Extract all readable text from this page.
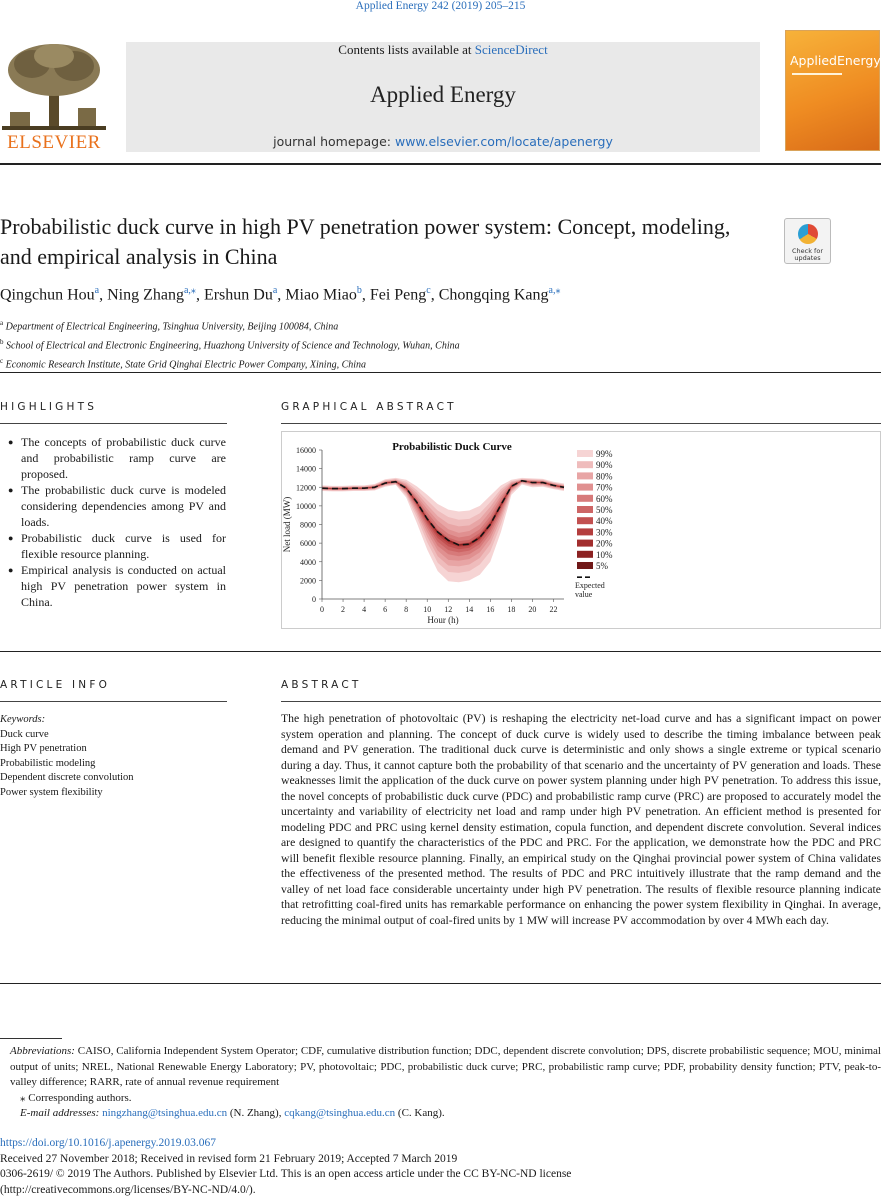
Applied Energy 242 (2019) 205–215
ELSEVIER
Contents lists available at ScienceDirect
Applied Energy
journal homepage: www.elsevier.com/locate/apenergy
AppliedEnergy
Probabilistic duck curve in high PV penetration power system: Concept, modeling, and empirical analysis in China	Check for
updates
Qingchun Hou$^a$, Ning Zhang$^{a,⁎}$, Ershun Du$^a$, Miao Miao$^b$, Fei Peng$^c$, Chongqing Kang$^{a,⁎}$
$^a$ Department of Electrical Engineering, Tsinghua University, Beijing 100084, China
$^b$ School of Electrical and Electronic Engineering, Huazhong University of Science and Technology, Wuhan, China
$^c$ Economic Research Institute, State Grid Qinghai Electric Power Company, Xining, China
HIGHLIGHTS
● The concepts of probabilistic duck curve and probabilistic ramp curve are proposed.
● The probabilistic duck curve is modeled considering dependencies among PV and loads.
● Probabilistic duck curve is used for flexible resource planning.
● Empirical analysis is conducted on actual high PV penetration power system in China.
GRAPHICAL ABSTRACT
0 2 4 6 8 10 12 14 16 18 20 22
0
2000
4000
6000
8000
10000
12000
14000
16000	Probabilistic Duck Curve
Hour (h)
Net load (MW)
99%
90%
80%
70%
60%
50%
40%
30%
20%
10%
5%
Expected
value
ARTICLE INFO
Keywords:
Duck curve
High PV penetration
Probabilistic modeling
Dependent discrete convolution
Power system flexibility
ABSTRACT
The high penetration of photovoltaic (PV) is reshaping the electricity net-load curve and has a significant impact on power system operation and planning. The concept of duck curve is widely used to describe the timing imbalance between peak demand and PV generation. The traditional duck curve is deterministic and only shows a single extreme or typical scenario during a day. Thus, it cannot capture both the probability of that scenario and the uncertainty of PV generation and loads. These weaknesses limit the application of the duck curve on power system planning under high PV penetration. To address this issue, the novel concepts of probabilistic duck curve (PDC) and probabilistic ramp curve (PRC) are proposed to accurately model the uncertainty and variability of electricity net load and ramp under high PV penetration. An efficient method is presented for modeling PDC and PRC using kernel density estimation, copula function, and dependent discrete convolution. Several indices are designed to quantify the characteristics of the PDC and PRC. For the application, we demonstrate how the PDC and PRC will benefit flexible resource planning. Finally, an empirical study on the Qinghai provincial power system of China validates the effectiveness of the presented method. The results of PDC and PRC intuitively illustrate that the ramp demand and the valley of net load face considerable uncertainty under high PV penetration. The results of flexible resource planning indicate that retrofitting coal-fired units has remarkable performance on enhancing the power system flexibility in Qinghai. In average, reducing the minimal output of coal-fired units by 1 MW will increase PV accommodation by over 4 MWh each day.
Abbreviations: CAISO, California Independent System Operator; CDF, cumulative distribution function; DDC, dependent discrete convolution; DPS, discrete probabilistic sequence; MOU, minimal output of units; NREL, National Renewable Energy Laboratory; PV, photovoltaic; PDC, probabilistic duck curve; PRC, probabilistic ramp curve; PDF, probability density function; PTV, peak-to-valley difference; RARR, rate of annual revenue requirement
⁎ Corresponding authors.
E-mail addresses: ningzhang@tsinghua.edu.cn (N. Zhang), cqkang@tsinghua.edu.cn (C. Kang).
https://doi.org/10.1016/j.apenergy.2019.03.067
Received 27 November 2018; Received in revised form 21 February 2019; Accepted 7 March 2019
0306-2619/ © 2019 The Authors. Published by Elsevier Ltd. This is an open access article under the CC BY-NC-ND license
(http://creativecommons.org/licenses/BY-NC-ND/4.0/).
